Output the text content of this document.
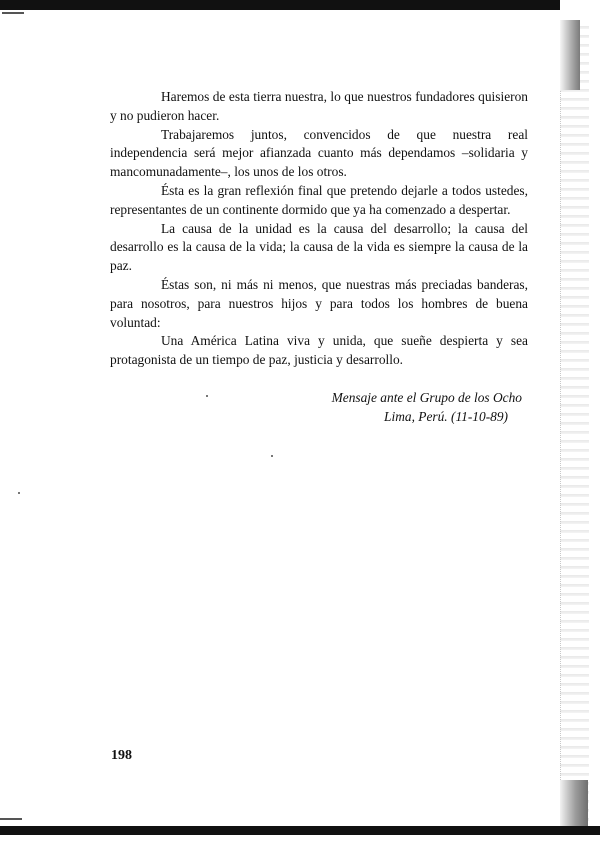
Haremos de esta tierra nuestra, lo que nuestros fundadores quisieron y no pudieron hacer.

Trabajaremos juntos, convencidos de que nuestra real independencia será mejor afianzada cuanto más dependamos –solidaria y mancomunadamente–, los unos de los otros.

Ésta es la gran reflexión final que pretendo dejarle a todos ustedes, representantes de un continente dormido que ya ha comenzado a despertar.

La causa de la unidad es la causa del desarrollo; la causa del desarrollo es la causa de la vida; la causa de la vida es siempre la causa de la paz.

Éstas son, ni más ni menos, que nuestras más preciadas banderas, para nosotros, para nuestros hijos y para todos los hombres de buena voluntad:

Una América Latina viva y unida, que sueñe despierta y sea protagonista de un tiempo de paz, justicia y desarrollo.

Mensaje ante el Grupo de los Ocho
Lima, Perú. (11-10-89)
198
